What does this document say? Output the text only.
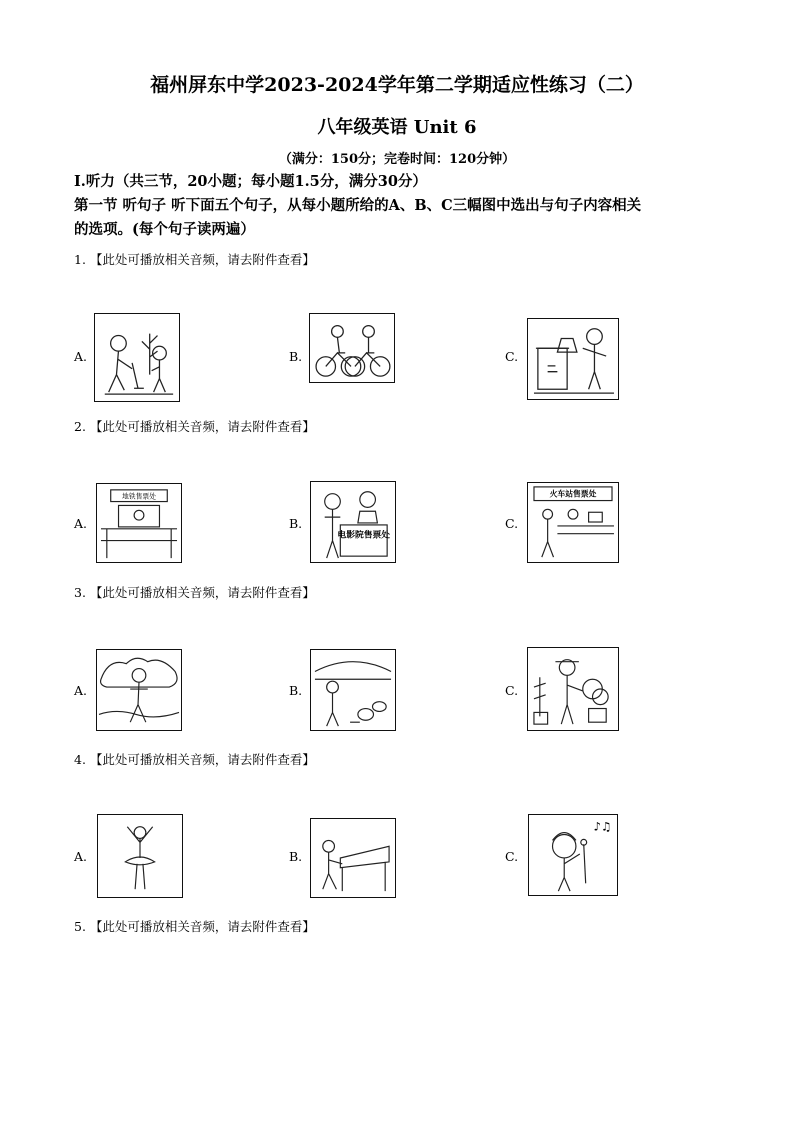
福州屏东中学2023-2024学年第二学期适应性练习（二）
八年级英语 Unit 6
（满分：150分；完卷时间：120分钟）
Ⅰ.听力（共三节，20小题；每小题1.5分，满分30分）
第一节 听句子 听下面五个句子，从每小题所给的A、B、C三幅图中选出与句子内容相关
的选项。(每个句子读两遍）
1. 【此处可播放相关音频，请去附件查看】
A.	B.	C.
2. 【此处可播放相关音频，请去附件查看】
A.
地铁售票处
B.
电影院售票处
C.
火车站售票处
3. 【此处可播放相关音频，请去附件查看】
A.	B.	C.
4. 【此处可播放相关音频，请去附件查看】
A.	B.	C.
♪♫
5. 【此处可播放相关音频，请去附件查看】
